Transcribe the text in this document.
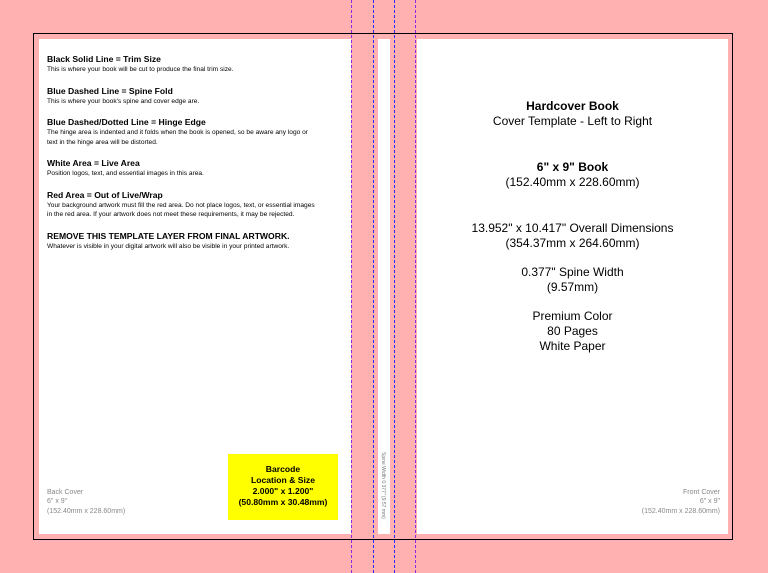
Black Solid Line = Trim Size
This is where your book will be cut to produce the final trim size.
Blue Dashed Line = Spine Fold
This is where your book's spine and cover edge are.
Blue Dashed/Dotted Line = Hinge Edge
The hinge area is indented and it folds when the book is opened, so be aware any logo or text in the hinge area will be distorted.
White Area = Live Area
Position logos, text, and essential images in this area.
Red Area = Out of Live/Wrap
Your background artwork must fill the red area. Do not place logos, text, or essential images in the red area. If your artwork does not meet these requirements, it may be rejected.
REMOVE THIS TEMPLATE LAYER FROM FINAL ARTWORK.
Whatever is visible in your digital artwork will also be visible in your printed artwork.
Barcode
Location & Size
2.000" x 1.200"
(50.80mm x 30.48mm)
Back Cover
6" x 9"
(152.40mm x 228.60mm)
Front Cover
6" x 9"
(152.40mm x 228.60mm)
Spine Width 0.377" (9.57 mm)
Hardcover Book
Cover Template - Left to Right
6" x 9" Book
(152.40mm x 228.60mm)
13.952" x 10.417" Overall Dimensions
(354.37mm x 264.60mm)
0.377" Spine Width
(9.57mm)
Premium Color
80 Pages
White Paper
